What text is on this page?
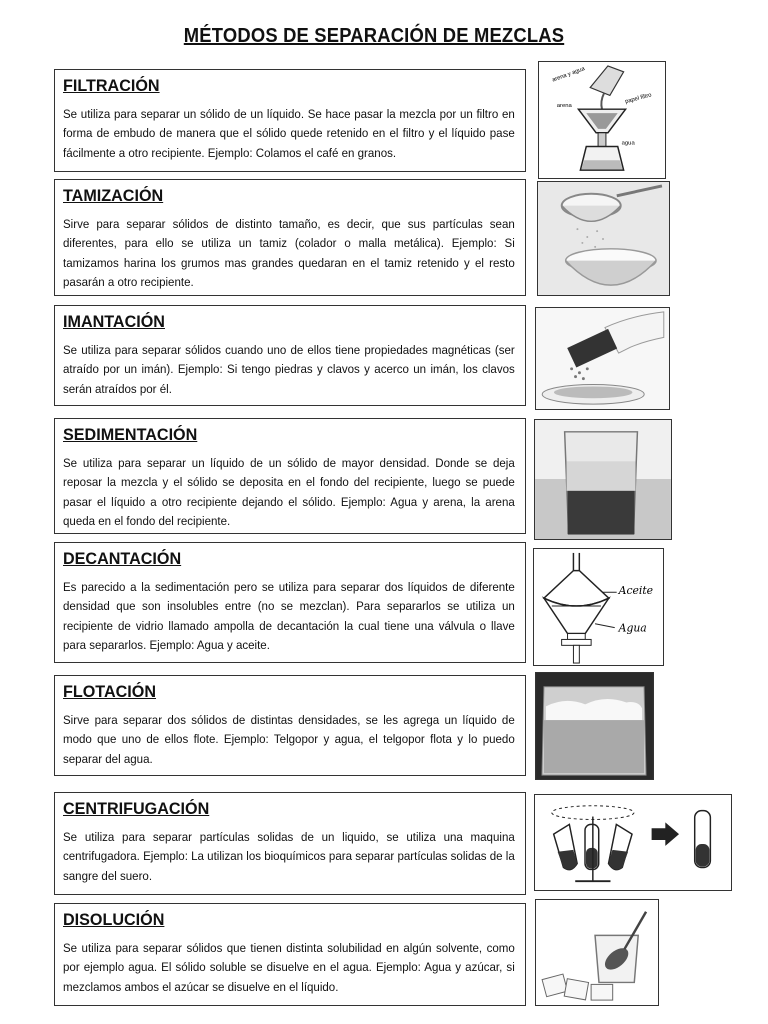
MÉTODOS DE SEPARACIÓN DE MEZCLAS
FILTRACIÓN

Se utiliza para separar un sólido de un líquido. Se hace pasar la mezcla por un filtro en forma de embudo de manera que el sólido quede retenido en el filtro y el líquido pase fácilmente a otro recipiente. Ejemplo: Colamos el café en granos.

TAMIZACIÓN

Sirve para separar sólidos de distinto tamaño, es decir, que sus partículas sean diferentes, para ello se utiliza un tamiz (colador o malla metálica). Ejemplo: Si tamizamos harina los grumos mas grandes quedaran en el tamiz retenido y el resto pasarán a otro recipiente.

IMANTACIÓN

Se utiliza para separar sólidos cuando uno de ellos tiene propiedades magnéticas (ser atraído por un imán). Ejemplo: Si tengo piedras y clavos y acerco un imán, los clavos serán atraídos por él.

SEDIMENTACIÓN

Se utiliza para separar un líquido de un sólido de mayor densidad. Donde se deja reposar la mezcla y el sólido se deposita en el fondo del recipiente, luego se puede pasar el líquido a otro recipiente dejando el sólido. Ejemplo: Agua y arena, la arena queda en el fondo del recipiente.

DECANTACIÓN

Es parecido a la sedimentación pero se utiliza para separar dos líquidos de diferente densidad que son insolubles entre (no se mezclan). Para separarlos se utiliza un recipiente de vidrio llamado ampolla de decantación la cual tiene una válvula o llave para separarlos. Ejemplo: Agua y aceite.

FLOTACIÓN

Sirve para separar dos sólidos de distintas densidades, se les agrega un líquido de modo que uno de ellos flote. Ejemplo: Telgopor y agua, el telgopor flota y lo puedo separar del agua.

CENTRIFUGACIÓN

Se utiliza para separar partículas solidas de un liquido, se utiliza una maquina centrifugadora. Ejemplo: La utilizan los bioquímicos para separar partículas solidas de la sangre del suero.

DISOLUCIÓN

Se utiliza para separar sólidos que tienen distinta solubilidad en algún solvente, como por ejemplo agua. El sólido soluble se disuelve en el agua. Ejemplo: Agua y azúcar, si mezclamos ambos el azúcar se disuelve en el líquido.

arena y agua
papel filtro
arena
agua
Aceite
Agua
